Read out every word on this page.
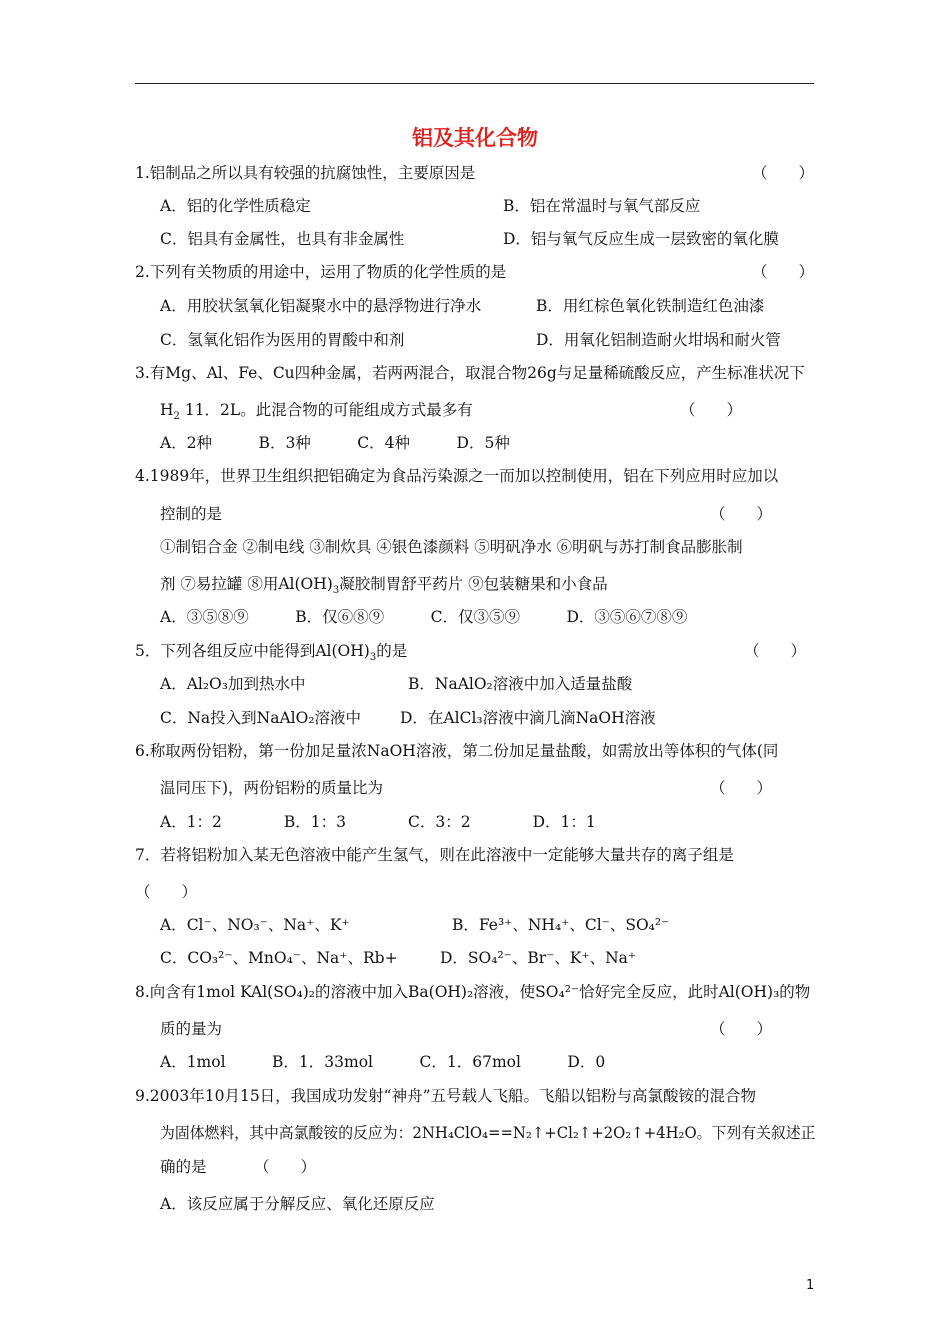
铝及其化合物
1.铝制品之所以具有较强的抗腐蚀性，主要原因是	（　　）
A．铝的化学性质稳定	B．铝在常温时与氧气部反应
C．铝具有金属性，也具有非金属性	D．铝与氧气反应生成一层致密的氧化膜
2.下列有关物质的用途中，运用了物质的化学性质的是	（　　）
A．用胶状氢氧化铝凝聚水中的悬浮物进行净水	B．用红棕色氧化铁制造红色油漆
C．氢氧化铝作为医用的胃酸中和剂	D．用氧化铝制造耐火坩埚和耐火管
3.有Mg、Al、Fe、Cu四种金属，若两两混合，取混合物26g与足量稀硫酸反应，产生标准状况下
$H_2$ 11．2L。此混合物的可能组成方式最多有	（　　）
A．2种　　　B．3种　　　C．4种　　　D．5种
4.1989年，世界卫生组织把铝确定为食品污染源之一而加以控制使用，铝在下列应用时应加以
控制的是	（　　）
①制铝合金 ②制电线 ③制炊具 ④银色漆颜料 ⑤明矾净水 ⑥明矾与苏打制食品膨胀制
剂 ⑦易拉罐 ⑧用$Al(OH)_3$凝胶制胃舒平药片 ⑨包装糖果和小食品
A．③⑤⑧⑨　　　B．仅⑥⑧⑨　　　C．仅③⑤⑨　　　D．③⑤⑥⑦⑧⑨
5．下列各组反应中能得到$Al(OH)_3$的是	（　　）
A．Al₂O₃加到热水中	B．NaAlO₂溶液中加入适量盐酸
C．Na投入到NaAlO₂溶液中	D．在AlCl₃溶液中滴几滴NaOH溶液
6.称取两份铝粉，第一份加足量浓NaOH溶液，第二份加足量盐酸，如需放出等体积的气体(同
温同压下)，两份铝粉的质量比为	（　　）
A．1：2　　　　B．1：3　　　　C．3：2　　　　D．1：1
7．若将铝粉加入某无色溶液中能产生氢气，则在此溶液中一定能够大量共存的离子组是
（　　）
A．Cl⁻、NO₃⁻、Na⁺、K⁺	B．Fe³⁺、NH₄⁺、Cl⁻、SO₄²⁻
C．CO₃²⁻、MnO₄⁻、Na⁺、Rb+	D．SO₄²⁻、Br⁻、K⁺、Na⁺
8.向含有1mol KAl(SO₄)₂的溶液中加入Ba(OH)₂溶液，使SO₄²⁻恰好完全反应，此时Al(OH)₃的物
质的量为	（　　）
A．1mol　　　B．1．33mol　　　C．1．67mol　　　D．0
9.2003年10月15日，我国成功发射“神舟”五号载人飞船。飞船以铝粉与高氯酸铵的混合物
为固体燃料，其中高氯酸铵的反应为：2NH₄ClO₄==N₂↑+Cl₂↑+2O₂↑+4H₂O。下列有关叙述正
确的是	（　　）
A．该反应属于分解反应、氧化还原反应
1
